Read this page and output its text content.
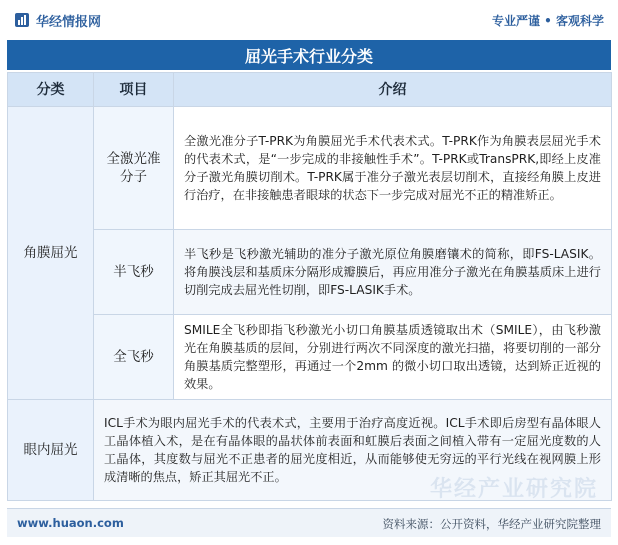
华经情报网	专业严谨 • 客观科学
屈光手术行业分类
分类	项目	介绍
角膜屈光	全激光准分子	全激光准分子T-PRK为角膜屈光手术代表术式。T-PRK作为角膜表层屈光手术的代表术式，是“一步完成的非接触性手术”。T-PRK或TransPRK,即经上皮准分子激光角膜切削术。T-PRK属于准分子激光表层切削术，直接经角膜上皮进行治疗，在非接触患者眼球的状态下一步完成对屈光不正的精准矫正。
	半飞秒	半飞秒是飞秒激光辅助的准分子激光原位角膜磨镶术的简称，即FS-LASIK。将角膜浅层和基质床分隔形成瓣膜后，再应用准分子激光在角膜基质床上进行切削完成去屈光性切削，即FS-LASIK手术。
	全飞秒	SMILE全飞秒即指飞秒激光小切口角膜基质透镜取出术（SMILE），由飞秒激光在角膜基质的层间，分别进行两次不同深度的激光扫描，将要切削的一部分角膜基质完整塑形，再通过一个2mm 的微小切口取出透镜，达到矫正近视的效果。
眼内屈光	ICL手术为眼内屈光手术的代表术式，主要用于治疗高度近视。ICL手术即后房型有晶体眼人工晶体植入术，是在有晶体眼的晶状体前表面和虹膜后表面之间植入带有一定屈光度数的人工晶体，其度数与屈光不正患者的屈光度相近，从而能够使无穷远的平行光线在视网膜上形成清晰的焦点，矫正其屈光不正。		华经产业研究院
www.huaon.com	资料来源：公开资料，华经产业研究院整理
